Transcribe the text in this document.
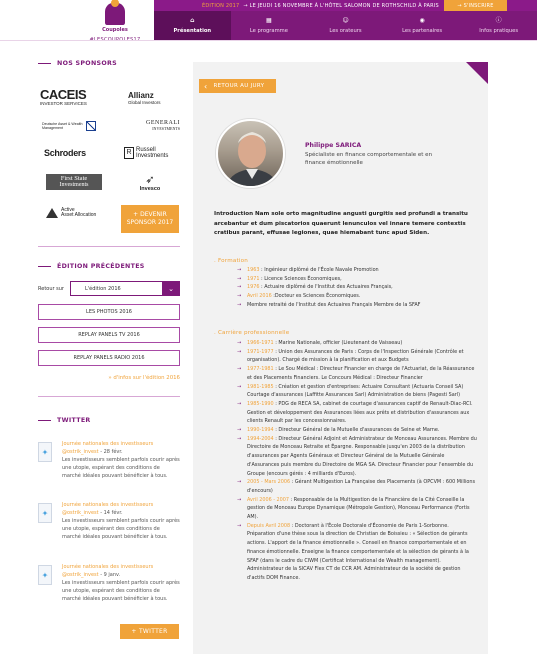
ÉDITION 2017 → LE JEUDI 16 NOVEMBRE À L'HÔTEL SALOMON DE ROTHSCHILD À PARIS	→ S'INSCRIRE
Coupoles
⌂
Présentation
▦
Le programme
☺
Les orateurs
◉
Les partenaires
ⓘ
Infos pratiques
NOS SPONSORS
CACEIS
INVESTOR SERVICES
Allianz
Global Investors
Deutsche Asset & Wealth Management
GENERALI
INVESTMENTS
Schroders	R Russell
Investments
First State
Investments	➶
Invesco
Active
Asset Allocation	+ DEVENIR
SPONSOR 2017
ÉDITION PRÉCÉDENTES
Retour sur	L'édition 2016	⌄
LES PHOTOS 2016
REPLAY PANELS TV 2016
REPLAY PANELS RADIO 2016
» d'infos sur l'édition 2016
TWITTER
✦
Journée nationales des investisseurs
@ostrik_invest - 28 févr.
Les investisseurs semblent parfois courir après une utopie, espérant des conditions de marché idéales pouvant bénéficier à tous.
✦
Journée nationales des investisseurs
@ostrik_invest - 14 févr.
Les investisseurs semblent parfois courir après une utopie, espérant des conditions de marché idéales pouvant bénéficier à tous.
✦
Journée nationales des investisseurs
@ostrik_invest - 9 janv.
Les investisseurs semblent parfois courir après une utopie, espérant des conditions de marché idéales pouvant bénéficier à tous.
+ TWITTER
‹ RETOUR AU JURY
Philippe SARICA
Spécialiste en finance comportementale et en finance émotionnelle
Introduction Nam sole orto magnitudine angusti gurgitis sed profundi a transitu arcebantur et dum piscatorios quaerunt lenunculos vel innare temere contextis cratibus parant, effusae legiones, quae hiemabant tunc apud Siden.
. Formation
→ 1963 : Ingénieur diplômé de l'École Navale Promotion
→ 1971 : Licence Sciences Économiques,
→ 1976 : Actuaire diplômé de l'Institut des Actuaires Français,
→ Avril 2016 :Docteur es Sciences Économiques.
→ Membre retraité de l'Institut des Actuaires Français Membre de la SFAF
. Carrière professionnelle
→ 1966-1971 : Marine Nationale, officier (Lieutenant de Vaisseau)
→ 1971-1977 : Union des Assurances de Paris : Corps de l'Inspection Générale (Contrôle et organisation). Chargé de mission à la planification et aux Budgets
→ 1977-1981 : Le Sou Médical : Directeur Financier en charge de l'Actuariat, de la Réassurance et des Placements Financiers. Le Concours Médical : Directeur Financier
→ 1981-1985 : Création et gestion d'entreprises: Actuaire Consultant (Actuaria Conseil SA) Courtage d'assurances (Laffitte Assurances Sarl) Administration de biens (Pagesti Sarl)
→ 1985-1990 : PDG de RECA SA, cabinet de courtage d'assurances captif de Renault-Diac-RCI. Gestion et développement des Assurances liées aux prêts et distribution d'assurances aux clients Renault par les concessionnaires.
→ 1990-1994 : Directeur Général de la Mutuelle d'assurances de Seine et Marne.
→ 1994-2004 : Directeur Général Adjoint et Administrateur de Monceau Assurances. Membre du Directoire de Monceau Retraite et Épargne. Responsable jusqu'en 2003 de la distribution d'assurances par Agents Généraux et Directeur Général de la Mutuelle Générale d'Assurances puis membre du Directoire de MGA SA. Directeur Financier pour l'ensemble du Groupe (encours gérés : 4 milliards d'Euros).
→ 2005 - Mars 2006 : Gérant Multigestion La Française des Placements (à OPCVM : 600 Millions d'encours)
→ Avril 2006 - 2007 : Responsable de la Multigestion de la Financière de la Cité Conseille la gestion de Monceau Europe Dynamique (Métropole Gestion), Monceau Performance (Fortis AM).
→ Depuis Avril 2008 : Doctorant à l'École Doctorale d'Économie de Paris 1-Sorbonne. Préparation d'une thèse sous la direction de Christian de Boissieu : « Sélection de gérants actions. L'apport de la finance émotionnelle ». Conseil en finance comportementale et en finance émotionnelle. Enseigne la finance comportementale et la sélection de gérants à la SFAF (dans le cadre du CIWM (Certificat International de Wealth management). Administrateur de la SICAV Flex CT de CCR AM. Administrateur de la société de gestion d'actifs DOM Finance.
